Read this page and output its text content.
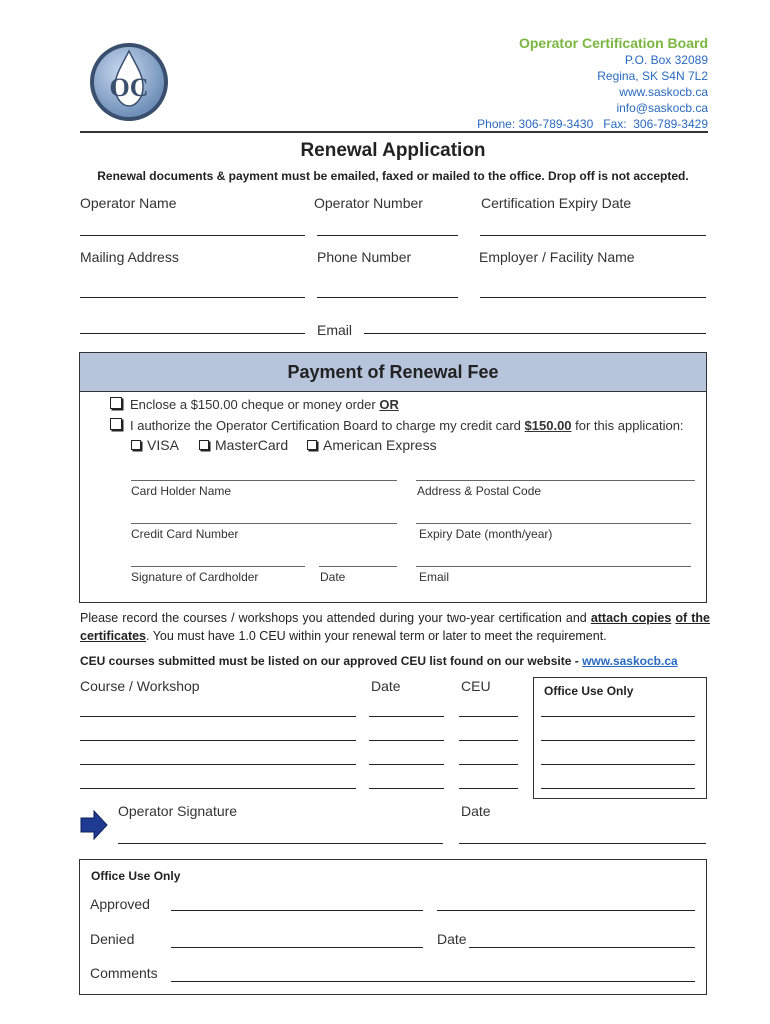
OC
Operator Certification Board
P.O. Box 32089
Regina, SK S4N 7L2
www.saskocb.ca
info@saskocb.ca
Phone: 306-789-3430   Fax:  306-789-3429
Renewal Application
Renewal documents & payment must be emailed, faxed or mailed to the office. Drop off is not accepted.
Operator Name	Operator Number	Certification Expiry Date
Mailing Address	Phone Number	Employer / Facility Name
Email
Payment of Renewal Fee
Enclose a $150.00 cheque or money order OR
I authorize the Operator Certification Board to charge my credit card $150.00 for this application:
VISA	MasterCard	American Express
Card Holder Name	Address & Postal Code
Credit Card Number	Expiry Date (month/year)
Signature of Cardholder	Date	Email
Please record the courses / workshops you attended during your two-year certification and attach copies of the certificates. You must have 1.0 CEU within your renewal term or later to meet the requirement.
CEU courses submitted must be listed on our approved CEU list found on our website - www.saskocb.ca
Course / Workshop	Date	CEU	Office Use Only
Operator Signature	Date
Office Use Only
Approved
Denied	Date
Comments
